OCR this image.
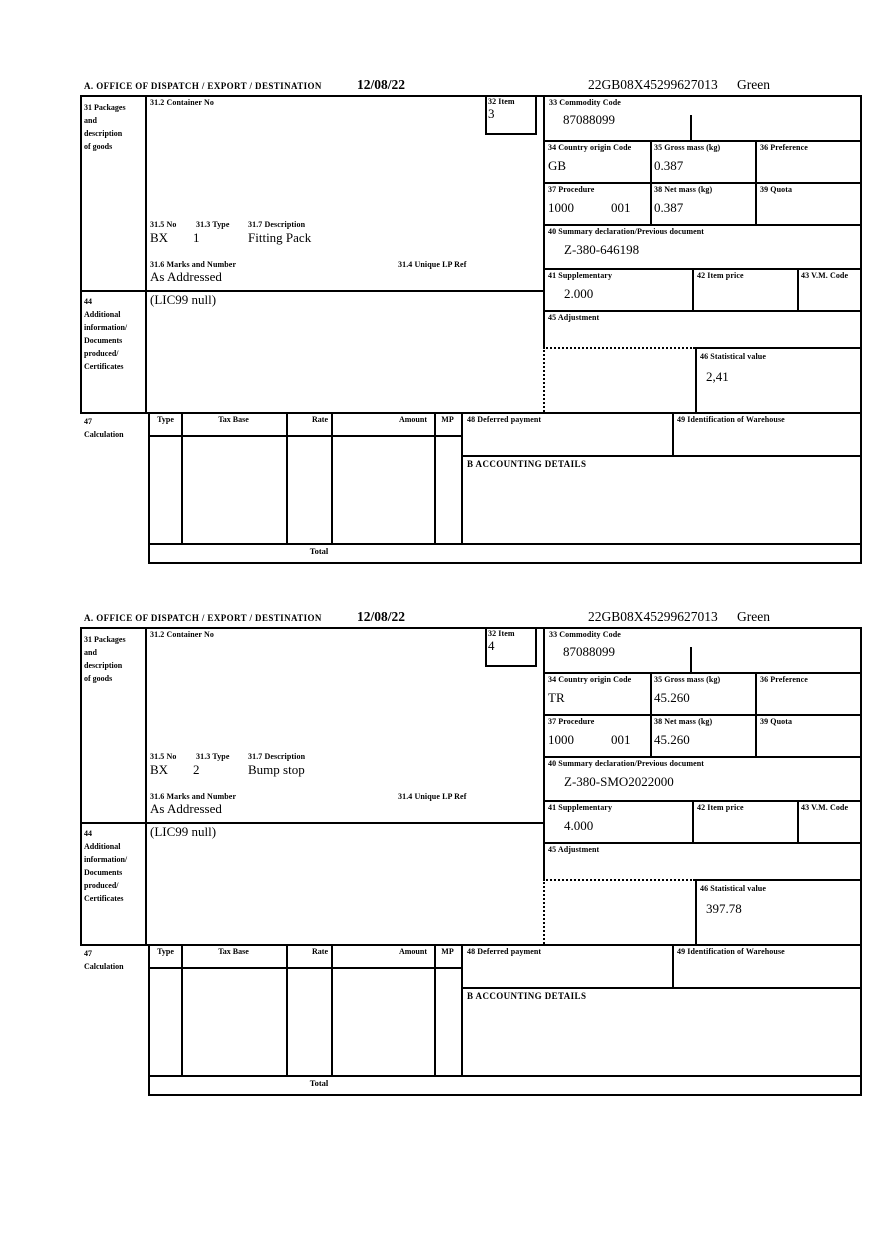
A. OFFICE OF DISPATCH / EXPORT / DESTINATION	12/08/22	22GB08X45299627013 Green
31 Packages
and
description
of goods
44
Additional
information/
Documents
produced/
Certificates
47
Calculation
31.2 Container No
31.5 No 31.3 Type 31.7 Description
BX 1	Fitting Pack
31.6 Marks and Number	31.4 Unique LP Ref
As Addressed
(LIC99 null)
32 Item
3
33 Commodity Code
87088099
34 Country origin Code
GB
35 Gross mass (kg)
0.387
36 Preference
37 Procedure
1000	001
38 Net mass (kg)
0.387
39 Quota
40 Summary declaration/Previous document
Z-380-646198
41 Supplementary
2.000
42 Item price	43 V.M. Code
45 Adjustment
46 Statistical value
2,41
Type	Tax Base	Rate	Amount	MP	48 Deferred payment	49 Identification of Warehouse
B ACCOUNTING DETAILS
Total
A. OFFICE OF DISPATCH / EXPORT / DESTINATION	12/08/22	22GB08X45299627013 Green
31 Packages
and
description
of goods
44
Additional
information/
Documents
produced/
Certificates
47
Calculation
31.2 Container No
31.5 No 31.3 Type 31.7 Description
BX 2	Bump stop
31.6 Marks and Number	31.4 Unique LP Ref
As Addressed
(LIC99 null)
32 Item
4
33 Commodity Code
87088099
34 Country origin Code
TR
35 Gross mass (kg)
45.260
36 Preference
37 Procedure
1000	001
38 Net mass (kg)
45.260
39 Quota
40 Summary declaration/Previous document
Z-380-SMO2022000
41 Supplementary
4.000
42 Item price	43 V.M. Code
45 Adjustment
46 Statistical value
397.78
Type	Tax Base	Rate	Amount	MP	48 Deferred payment	49 Identification of Warehouse
B ACCOUNTING DETAILS
Total
